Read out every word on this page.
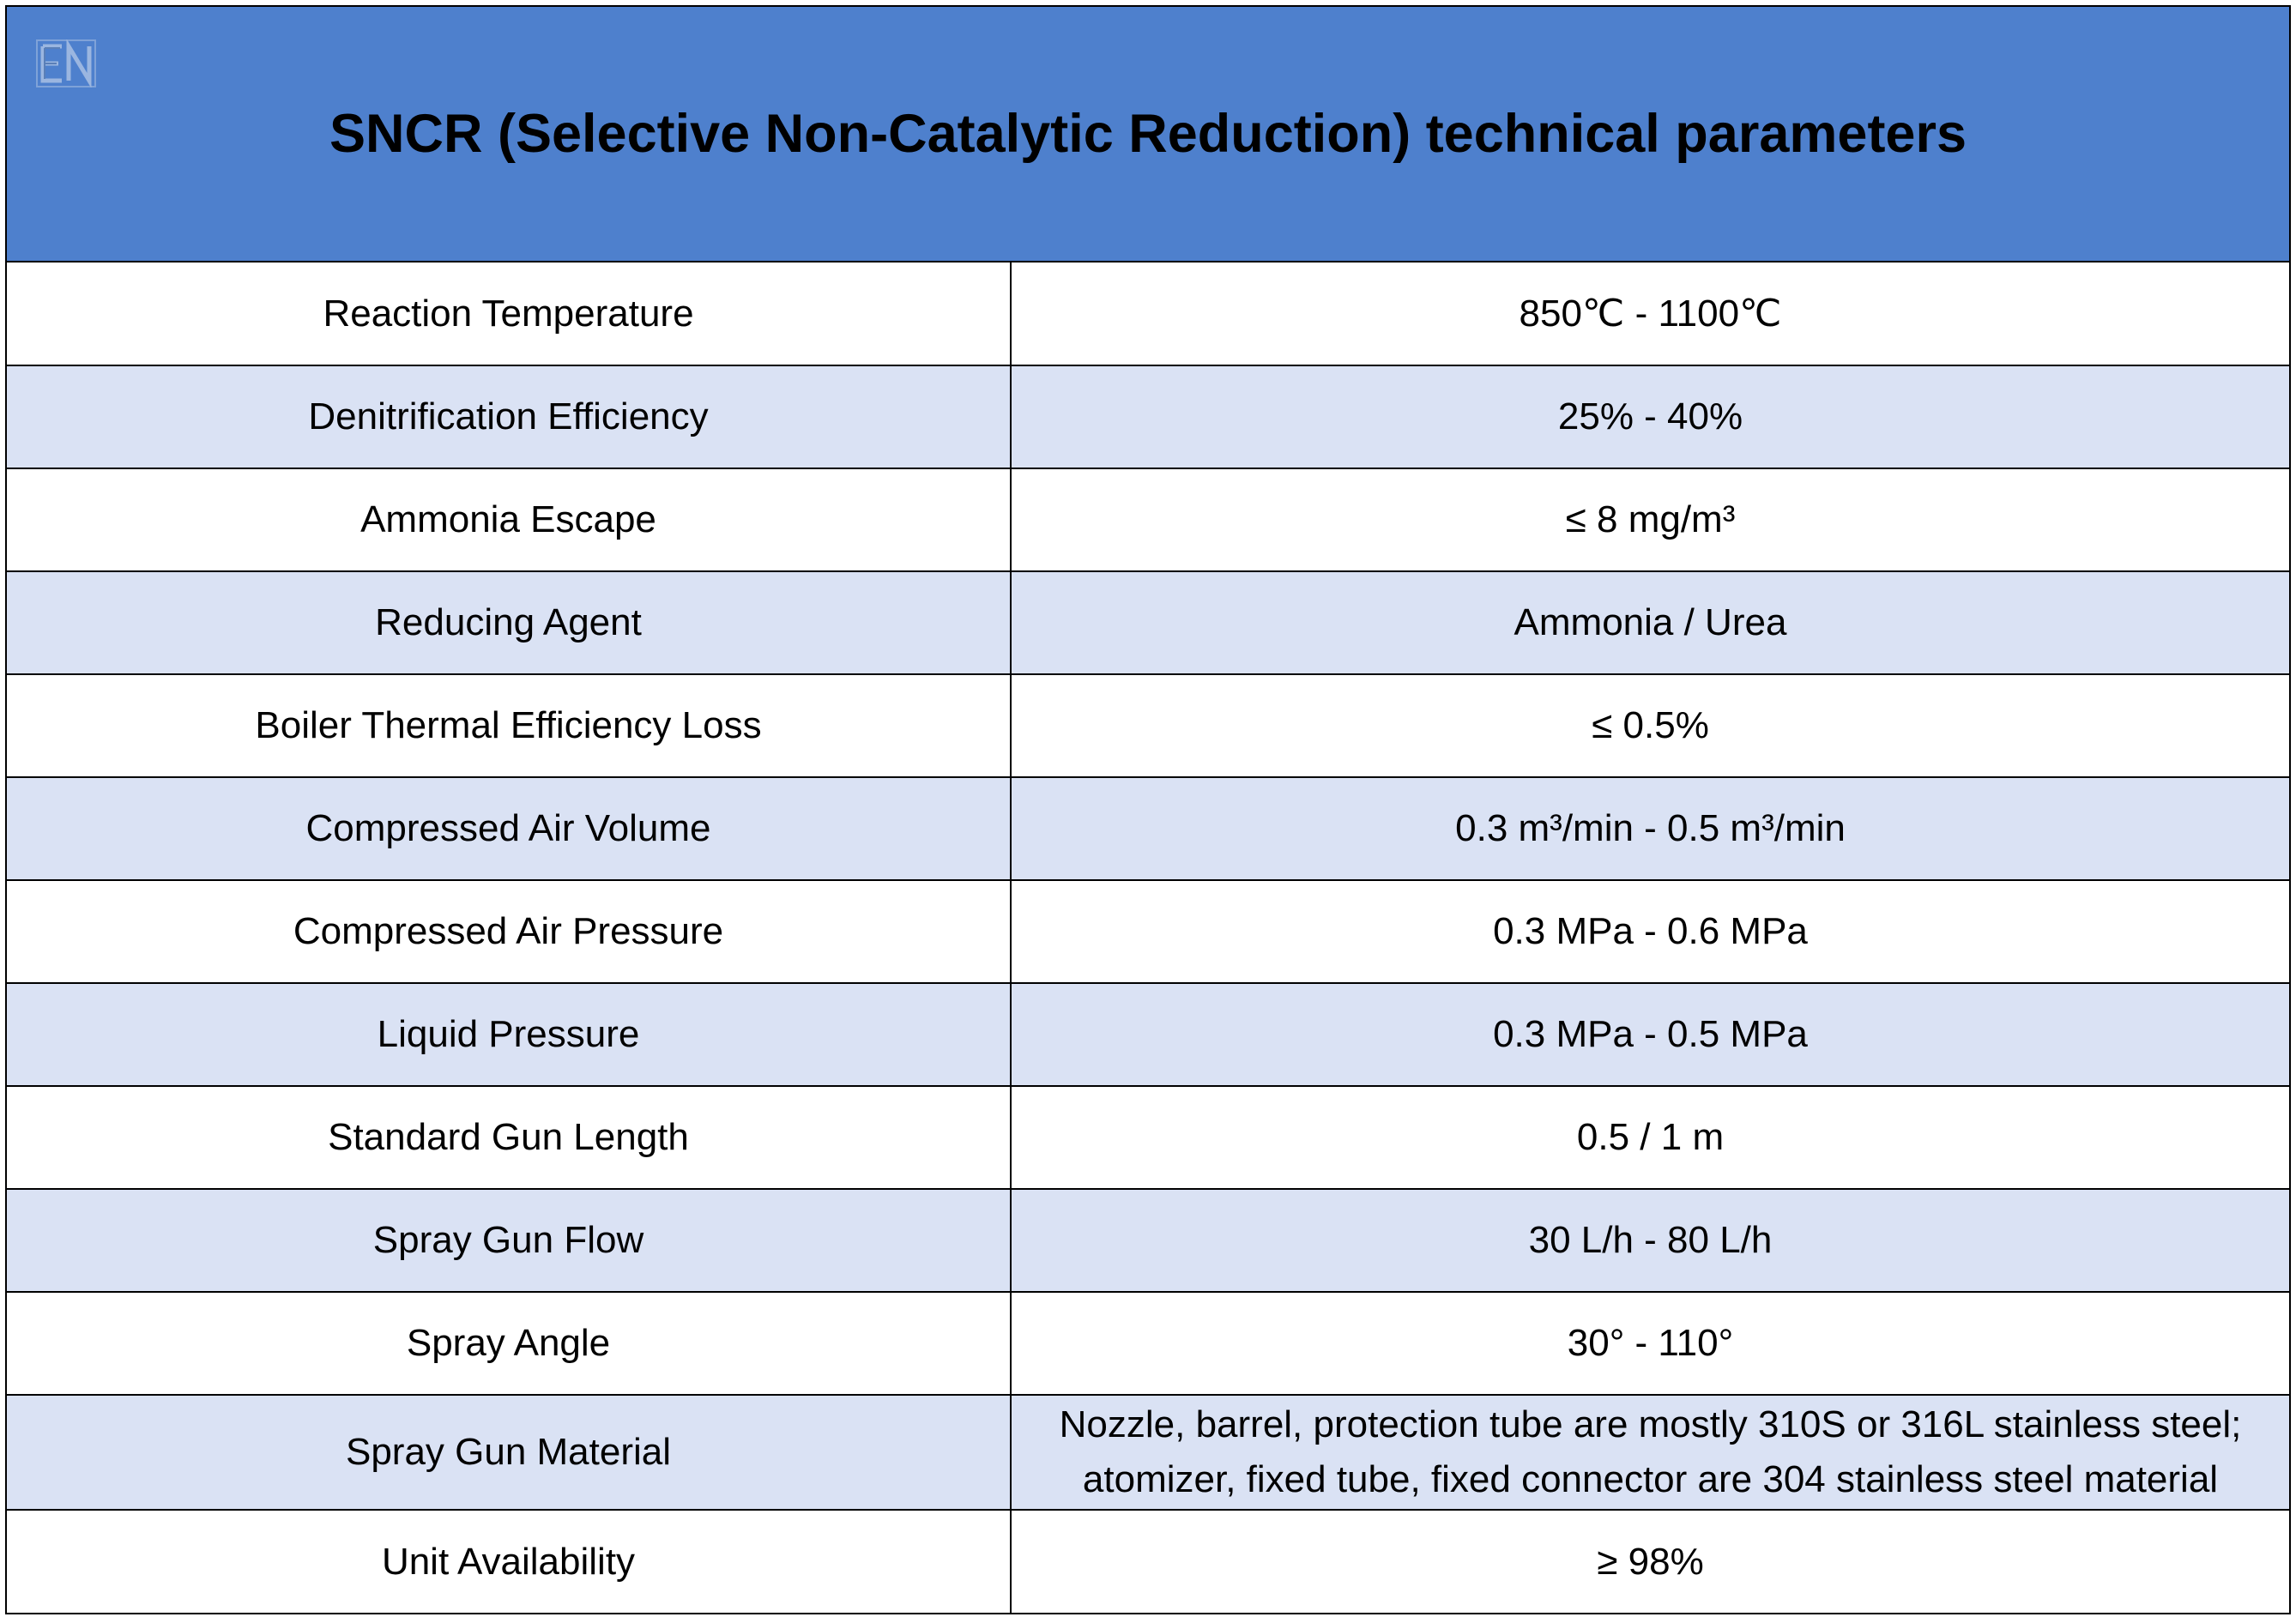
SNCR (Selective Non-Catalytic Reduction) technical parameters
Reaction Temperature	850℃ - 1100℃
Denitrification Efficiency	25% - 40%
Ammonia Escape	≤ 8 mg/m³
Reducing Agent	Ammonia / Urea
Boiler Thermal Efficiency Loss	≤ 0.5%
Compressed Air Volume	0.3 m³/min - 0.5 m³/min
Compressed Air Pressure	0.3 MPa - 0.6 MPa
Liquid Pressure	0.3 MPa - 0.5 MPa
Standard Gun Length	0.5 / 1 m
Spray Gun Flow	30 L/h - 80 L/h
Spray Angle	30° - 110°
Spray Gun Material	Nozzle, barrel, protection tube are mostly 310S or 316L stainless steel;
atomizer, fixed tube, fixed connector are 304 stainless steel material
Unit Availability	≥ 98%
